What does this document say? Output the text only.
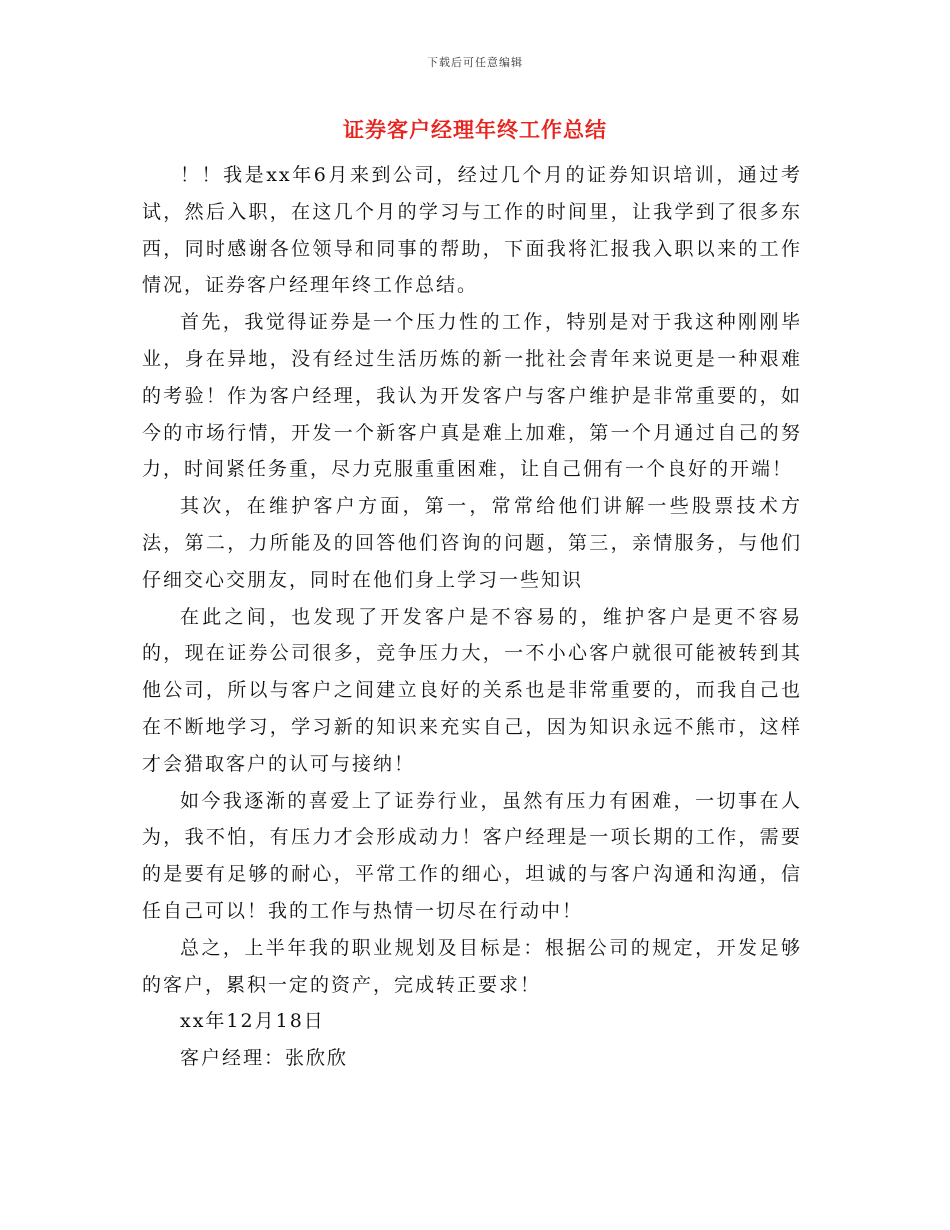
下载后可任意编辑
证券客户经理年终工作总结

！！我是xx年6月来到公司，经过几个月的证券知识培训，通过考试，然后入职，在这几个月的学习与工作的时间里，让我学到了很多东西，同时感谢各位领导和同事的帮助，下面我将汇报我入职以来的工作情况，证券客户经理年终工作总结。

首先，我觉得证券是一个压力性的工作，特别是对于我这种刚刚毕业，身在异地，没有经过生活历炼的新一批社会青年来说更是一种艰难的考验！作为客户经理，我认为开发客户与客户维护是非常重要的，如今的市场行情，开发一个新客户真是难上加难，第一个月通过自己的努力，时间紧任务重，尽力克服重重困难，让自己佣有一个良好的开端！

其次，在维护客户方面，第一，常常给他们讲解一些股票技术方法，第二，力所能及的回答他们咨询的问题，第三，亲情服务，与他们仔细交心交朋友，同时在他们身上学习一些知识

在此之间，也发现了开发客户是不容易的，维护客户是更不容易的，现在证券公司很多，竞争压力大，一不小心客户就很可能被转到其他公司，所以与客户之间建立良好的关系也是非常重要的，而我自己也在不断地学习，学习新的知识来充实自己，因为知识永远不熊市，这样才会猎取客户的认可与接纳！

如今我逐渐的喜爱上了证券行业，虽然有压力有困难，一切事在人为，我不怕，有压力才会形成动力！客户经理是一项长期的工作，需要的是要有足够的耐心，平常工作的细心，坦诚的与客户沟通和沟通，信任自己可以！我的工作与热情一切尽在行动中！

总之，上半年我的职业规划及目标是：根据公司的规定，开发足够的客户，累积一定的资产，完成转正要求！

xx年12月18日

客户经理：张欣欣
